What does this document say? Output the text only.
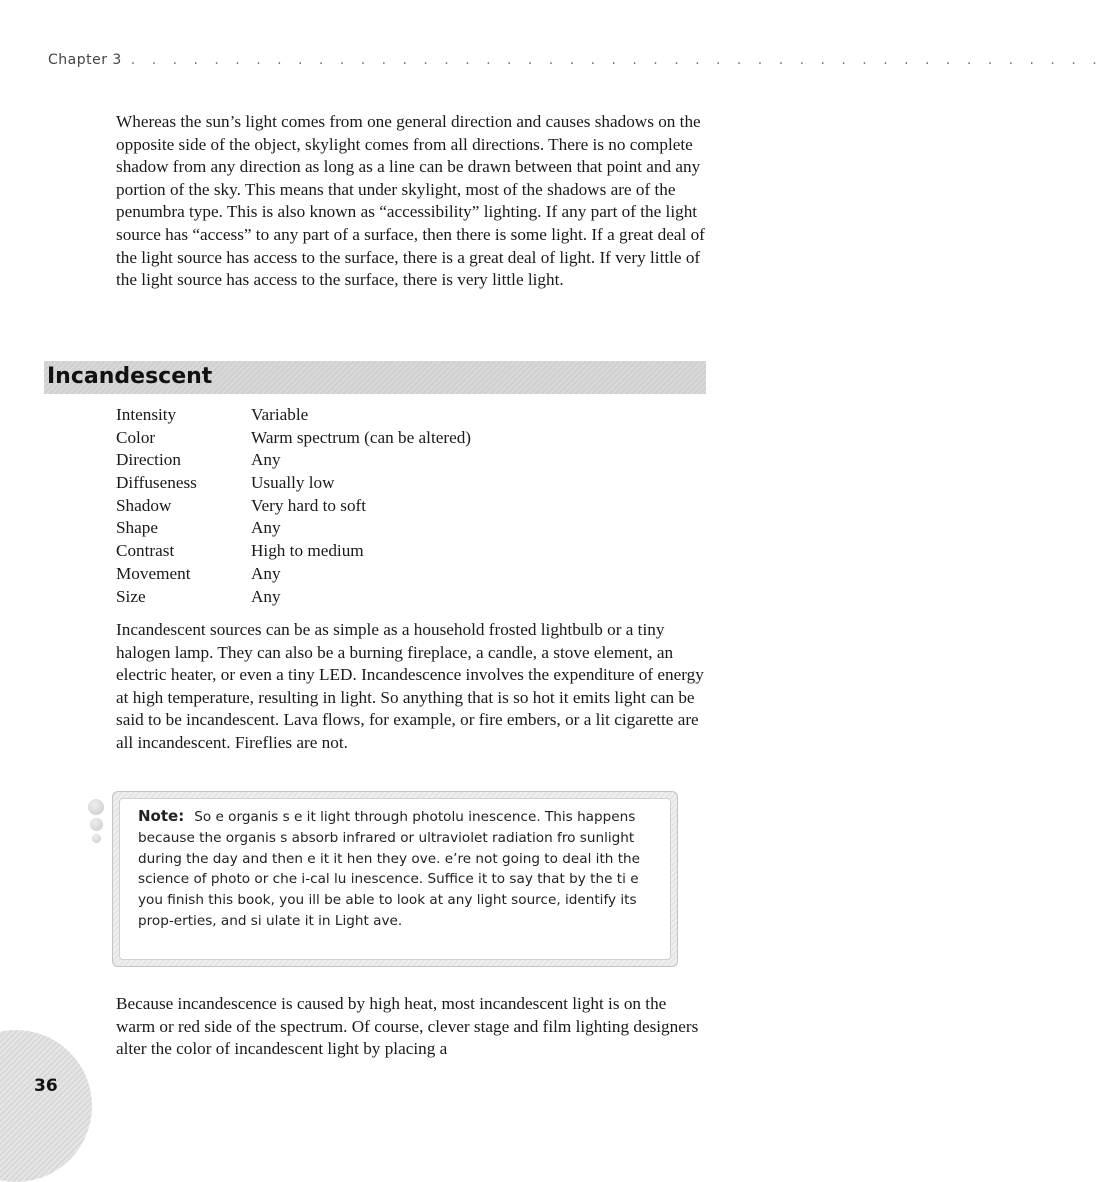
Chapter 3 . . . . . . . . . . . . . . . . . . . . . . . . . . . . . . . . . . . . . . . . . . . . . . .

Whereas the sun’s light comes from one general direction and causes shadows on the opposite side of the object, skylight comes from all directions. There is no complete shadow from any direction as long as a line can be drawn between that point and any portion of the sky. This means that under skylight, most of the shadows are of the penumbra type. This is also known as “accessibility” lighting. If any part of the light source has “access” to any part of a surface, then there is some light. If a great deal of the light source has access to the surface, there is a great deal of light. If very little of the light source has access to the surface, there is very little light.

Incandescent
Intensity	Variable
Color	Warm spectrum (can be altered)
Direction	Any
Diffuseness	Usually low
Shadow	Very hard to soft
Shape	Any
Contrast	High to medium
Movement	Any
Size	Any

Incandescent sources can be as simple as a household frosted lightbulb or a tiny halogen lamp. They can also be a burning fireplace, a candle, a stove element, an electric heater, or even a tiny LED. Incandescence involves the expenditure of energy at high temperature, resulting in light. So anything that is so hot it emits light can be said to be incandescent. Lava flows, for example, or fire embers, or a lit cigarette are all incandescent. Fireflies are not.

Note: So e organis s e it light through photolu inescence. This happens because the organis s absorb infrared or ultraviolet radiation fro sunlight during the day and then e it it hen they ove. e’re not going to deal ith the science of photo or che i-cal lu inescence. Suffice it to say that by the ti e you finish this book, you ill be able to look at any light source, identify its prop-erties, and si ulate it in Light ave.

Because incandescence is caused by high heat, most incandescent light is on the warm or red side of the spectrum. Of course, clever stage and film lighting designers alter the color of incandescent light by placing a

36
